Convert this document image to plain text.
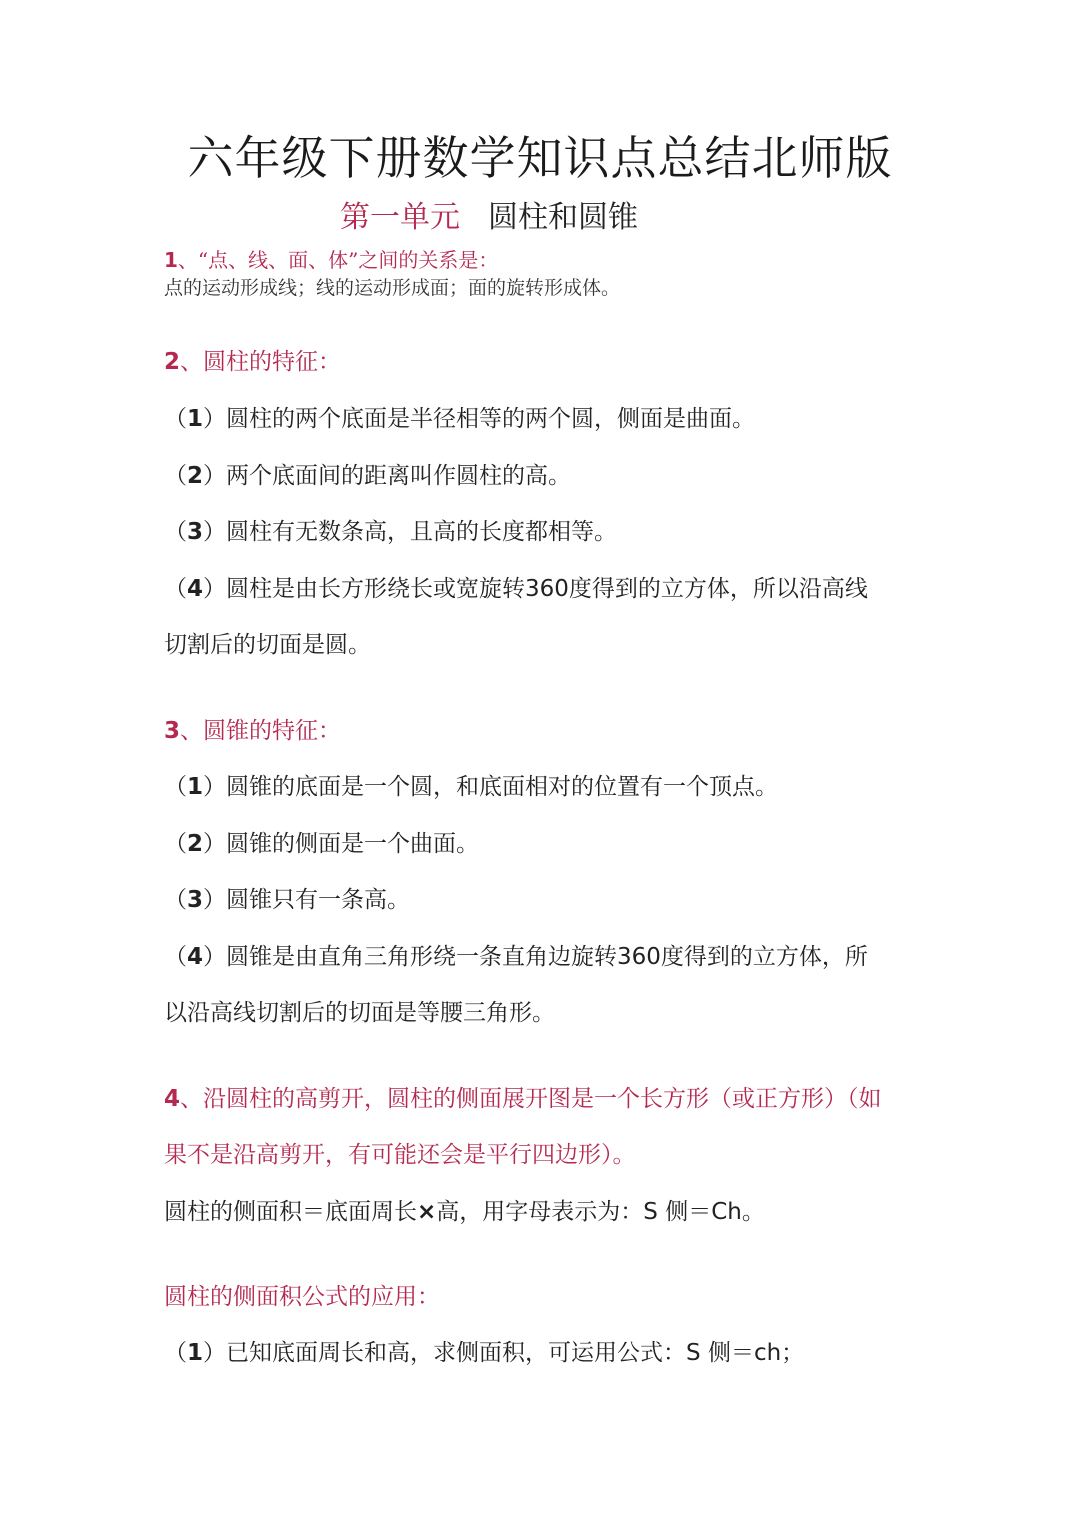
六年级下册数学知识点总结北师版
第一单元 圆柱和圆锥
1、“点、线、面、体”之间的关系是：
点的运动形成线；线的运动形成面；面的旋转形成体。
2、圆柱的特征：
（1）圆柱的两个底面是半径相等的两个圆，侧面是曲面。
（2）两个底面间的距离叫作圆柱的高。
（3）圆柱有无数条高，且高的长度都相等。
（4）圆柱是由长方形绕长或宽旋转360度得到的立方体，所以沿高线
切割后的切面是圆。
3、圆锥的特征：
（1）圆锥的底面是一个圆，和底面相对的位置有一个顶点。
（2）圆锥的侧面是一个曲面。
（3）圆锥只有一条高。
（4）圆锥是由直角三角形绕一条直角边旋转360度得到的立方体，所
以沿高线切割后的切面是等腰三角形。
4、沿圆柱的高剪开，圆柱的侧面展开图是一个长方形（或正方形）（如
果不是沿高剪开，有可能还会是平行四边形）。
圆柱的侧面积＝底面周长×高，用字母表示为：S 侧＝Ch。
圆柱的侧面积公式的应用：
（1）已知底面周长和高，求侧面积，可运用公式：S 侧＝ch；
